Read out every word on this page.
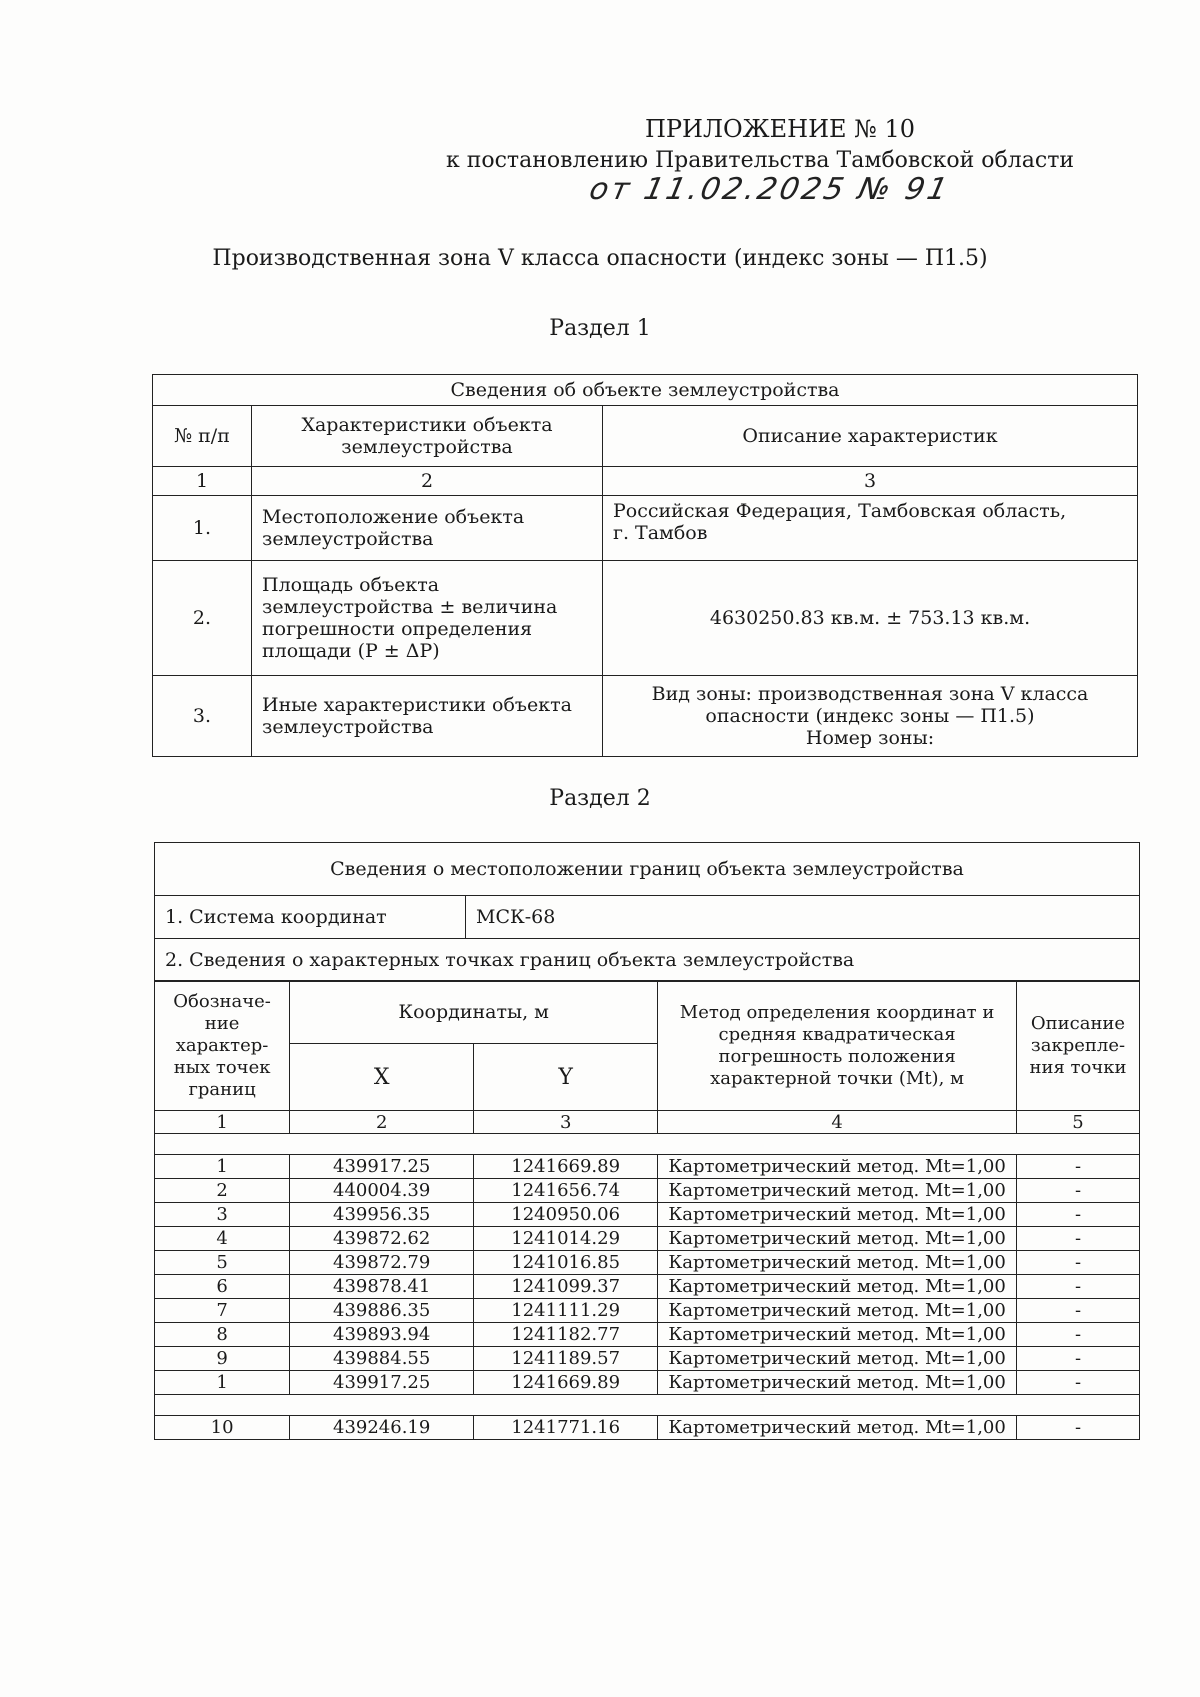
ПРИЛОЖЕНИЕ № 10
к постановлению Правительства Тамбовской области
от 11.02.2025 № 91
Производственная зона V класса опасности (индекс зоны — П1.5)
Раздел 1
Сведения об объекте землеустройства		
№ п/п	Характеристики объекта землеустройства	Описание характеристик
1	2	3
1.	Местоположение объекта землеустройства	Российская Федерация, Тамбовская область,
г. Тамбов

2.	Площадь объекта землеустройства ± величина погрешности определения площади (P ± ΔP)	4630250.83 кв.м. ± 753.13 кв.м.
3.	Иные характеристики объекта землеустройства	Вид зоны: производственная зона V класса опасности (индекс зоны — П1.5)
Номер зоны:
Раздел 2
Сведения о местоположении границ объекта землеустройства
1. Система координат	МСК-68
2. Сведения о характерных точках границ объекта землеустройства
Обозначе-ние характер-ных точек границ	Координаты, м		Метод определения координат и средняя квадратическая погрешность положения характерной точки (Mt), м	Описание закрепле-ния точки
	X	Y		
1	2	3	4	5

1	439917.25	1241669.89	Картометрический метод. Mt=1,00	-
2	440004.39	1241656.74	Картометрический метод. Mt=1,00	-
3	439956.35	1240950.06	Картометрический метод. Mt=1,00	-
4	439872.62	1241014.29	Картометрический метод. Mt=1,00	-
5	439872.79	1241016.85	Картометрический метод. Mt=1,00	-
6	439878.41	1241099.37	Картометрический метод. Mt=1,00	-
7	439886.35	1241111.29	Картометрический метод. Mt=1,00	-
8	439893.94	1241182.77	Картометрический метод. Mt=1,00	-
9	439884.55	1241189.57	Картометрический метод. Mt=1,00	-
1	439917.25	1241669.89	Картометрический метод. Mt=1,00	-

10	439246.19	1241771.16	Картометрический метод. Mt=1,00	-
